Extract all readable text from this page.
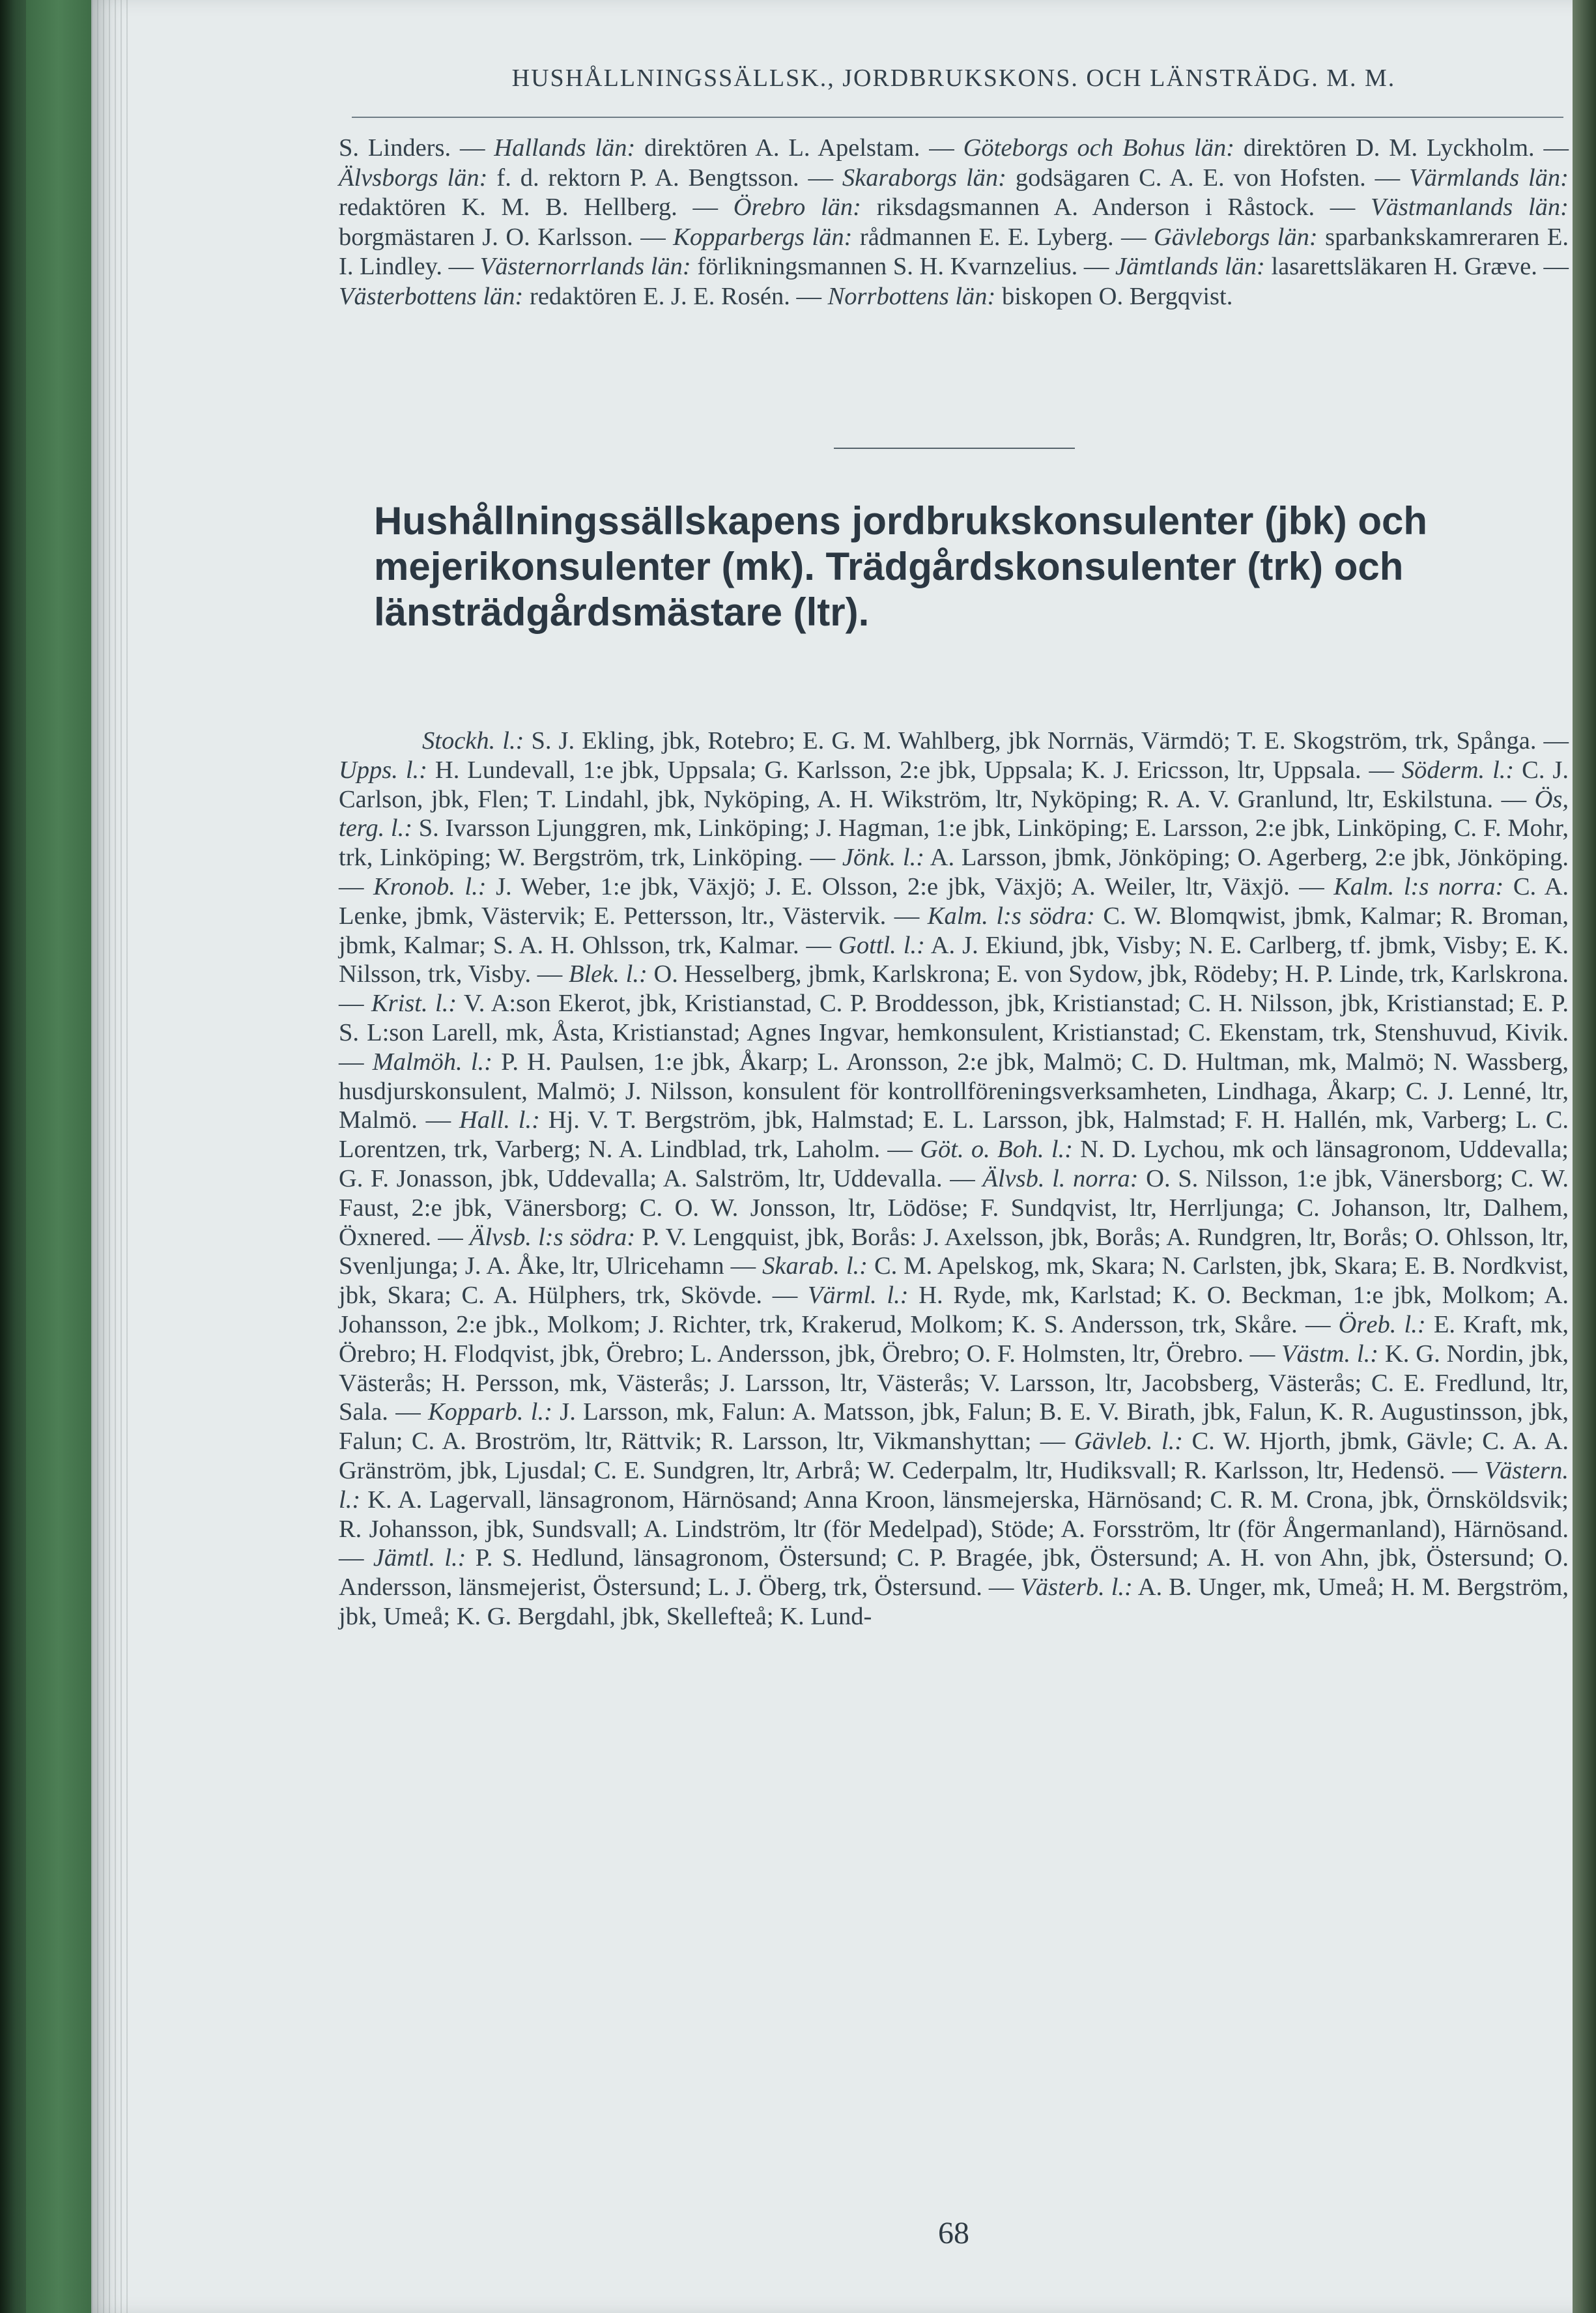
HUSHÅLLNINGSSÄLLSK., JORDBRUKSKONS. OCH LÄNSTRÄDG. M. M.
S. Linders. — Hallands län: direktören A. L. Apelstam. — Göteborgs och Bohus län: direktören D. M. Lyckholm. — Älvsborgs län: f. d. rektorn P. A. Bengtsson. — Skaraborgs län: godsägaren C. A. E. von Hofsten. — Värmlands län: redaktören K. M. B. Hellberg. — Örebro län: riksdagsmannen A. Anderson i Råstock. — Västmanlands län: borgmästaren J. O. Karlsson. — Kopparbergs län: rådmannen E. E. Lyberg. — Gävleborgs län: sparbankskamreraren E. I. Lindley. — Västernorrlands län: förlikningsmannen S. H. Kvarnzelius. — Jämtlands län: lasarettsläkaren H. Græve. — Västerbottens län: redaktören E. J. E. Rosén. — Norrbottens län: biskopen O. Bergqvist.
Hushållningssällskapens jordbrukskonsulenter (jbk) och mejerikonsulenter (mk). Trädgårdskonsulenter (trk) och länsträdgårdsmästare (ltr).
Stockh. l.: S. J. Ekling, jbk, Rotebro; E. G. M. Wahlberg, jbk Norrnäs, Värmdö; T. E. Skogström, trk, Spånga. — Upps. l.: H. Lundevall, 1:e jbk, Uppsala; G. Karlsson, 2:e jbk, Uppsala; K. J. Ericsson, ltr, Uppsala. — Söderm. l.: C. J. Carlson, jbk, Flen; T. Lindahl, jbk, Nyköping, A. H. Wikström, ltr, Nyköping; R. A. V. Granlund, ltr, Eskilstuna. — Ös, terg. l.: S. Ivarsson Ljunggren, mk, Linköping; J. Hagman, 1:e jbk, Linköping; E. Larsson, 2:e jbk, Linköping, C. F. Mohr, trk, Linköping; W. Bergström, trk, Linköping. — Jönk. l.: A. Larsson, jbmk, Jönköping; O. Agerberg, 2:e jbk, Jönköping. — Kronob. l.: J. Weber, 1:e jbk, Växjö; J. E. Olsson, 2:e jbk, Växjö; A. Weiler, ltr, Växjö. — Kalm. l:s norra: C. A. Lenke, jbmk, Västervik; E. Pettersson, ltr., Västervik. — Kalm. l:s södra: C. W. Blomqwist, jbmk, Kalmar; R. Broman, jbmk, Kalmar; S. A. H. Ohlsson, trk, Kalmar. — Gottl. l.: A. J. Ekiund, jbk, Visby; N. E. Carlberg, tf. jbmk, Visby; E. K. Nilsson, trk, Visby. — Blek. l.: O. Hesselberg, jbmk, Karlskrona; E. von Sydow, jbk, Rödeby; H. P. Linde, trk, Karlskrona. — Krist. l.: V. A:son Ekerot, jbk, Kristianstad, C. P. Broddesson, jbk, Kristianstad; C. H. Nilsson, jbk, Kristianstad; E. P. S. L:son Larell, mk, Åsta, Kristianstad; Agnes Ingvar, hemkonsulent, Kristianstad; C. Ekenstam, trk, Stenshuvud, Kivik. — Malmöh. l.: P. H. Paulsen, 1:e jbk, Åkarp; L. Aronsson, 2:e jbk, Malmö; C. D. Hultman, mk, Malmö; N. Wassberg, husdjurskonsulent, Malmö; J. Nilsson, konsulent för kontrollföreningsverksamheten, Lindhaga, Åkarp; C. J. Lenné, ltr, Malmö. — Hall. l.: Hj. V. T. Bergström, jbk, Halmstad; E. L. Larsson, jbk, Halmstad; F. H. Hallén, mk, Varberg; L. C. Lorentzen, trk, Varberg; N. A. Lindblad, trk, Laholm. — Göt. o. Boh. l.: N. D. Lychou, mk och länsagronom, Uddevalla; G. F. Jonasson, jbk, Uddevalla; A. Salström, ltr, Uddevalla. — Älvsb. l. norra: O. S. Nilsson, 1:e jbk, Vänersborg; C. W. Faust, 2:e jbk, Vänersborg; C. O. W. Jonsson, ltr, Lödöse; F. Sundqvist, ltr, Herrljunga; C. Johanson, ltr, Dalhem, Öxnered. — Älvsb. l:s södra: P. V. Lengquist, jbk, Borås: J. Axelsson, jbk, Borås; A. Rundgren, ltr, Borås; O. Ohlsson, ltr, Svenljunga; J. A. Åke, ltr, Ulricehamn — Skarab. l.: C. M. Apelskog, mk, Skara; N. Carlsten, jbk, Skara; E. B. Nordkvist, jbk, Skara; C. A. Hülphers, trk, Skövde. — Värml. l.: H. Ryde, mk, Karlstad; K. O. Beckman, 1:e jbk, Molkom; A. Johansson, 2:e jbk., Molkom; J. Richter, trk, Krakerud, Molkom; K. S. Andersson, trk, Skåre. — Örеb. l.: E. Kraft, mk, Örebro; H. Flodqvist, jbk, Örebro; L. Andersson, jbk, Örebro; O. F. Holmsten, ltr, Örebro. — Västm. l.: K. G. Nordin, jbk, Västerås; H. Persson, mk, Västerås; J. Larsson, ltr, Västerås; V. Larsson, ltr, Jacobsberg, Västerås; C. E. Fredlund, ltr, Sala. — Kopparb. l.: J. Larsson, mk, Falun: A. Matsson, jbk, Falun; B. E. V. Birath, jbk, Falun, K. R. Augustinsson, jbk, Falun; C. A. Broström, ltr, Rättvik; R. Larsson, ltr, Vikmanshyttan; — Gävleb. l.: C. W. Hjorth, jbmk, Gävle; C. A. A. Gränström, jbk, Ljusdal; C. E. Sundgren, ltr, Arbrå; W. Cederpalm, ltr, Hudiksvall; R. Karlsson, ltr, Hedensö. — Västern. l.: K. A. Lagervall, länsagronom, Härnösand; Anna Kroon, länsmejerska, Härnösand; C. R. M. Crona, jbk, Örnsköldsvik; R. Johansson, jbk, Sundsvall; A. Lindström, ltr (för Medelpad), Stöde; A. Forsström, ltr (för Ångermanland), Härnösand. — Jämtl. l.: P. S. Hedlund, länsagronom, Östersund; C. P. Bragée, jbk, Östersund; A. H. von Ahn, jbk, Östersund; O. Andersson, länsmejerist, Östersund; L. J. Öberg, trk, Östersund. — Västerb. l.: A. B. Unger, mk, Umeå; H. M. Bergström, jbk, Umeå; K. G. Bergdahl, jbk, Skellefteå; K. Lund-
68
